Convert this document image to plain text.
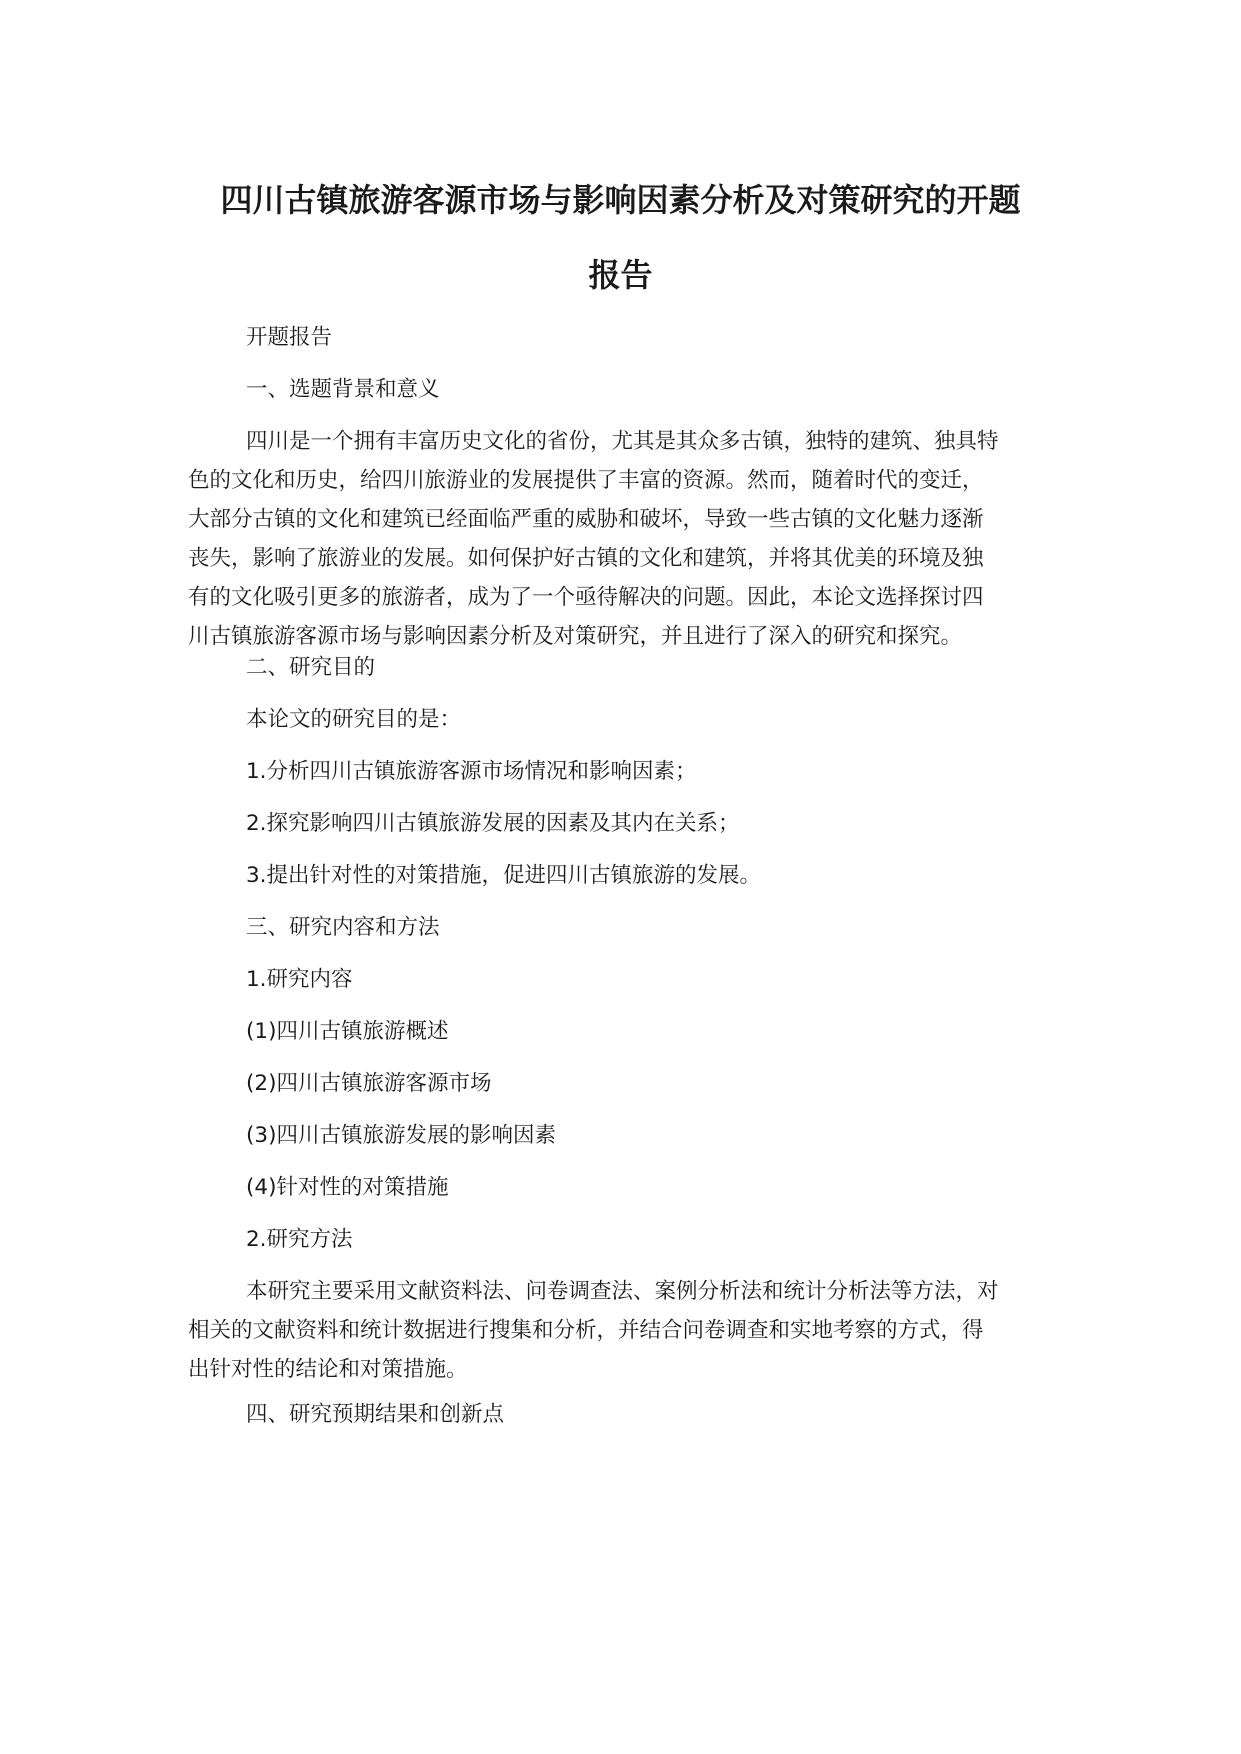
四川古镇旅游客源市场与影响因素分析及对策研究的开题
报告

开题报告

一、选题背景和意义

四川是一个拥有丰富历史文化的省份，尤其是其众多古镇，独特的建筑、独具特
色的文化和历史，给四川旅游业的发展提供了丰富的资源。然而，随着时代的变迁，
大部分古镇的文化和建筑已经面临严重的威胁和破坏，导致一些古镇的文化魅力逐渐
丧失，影响了旅游业的发展。如何保护好古镇的文化和建筑，并将其优美的环境及独
有的文化吸引更多的旅游者，成为了一个亟待解决的问题。因此，本论文选择探讨四
川古镇旅游客源市场与影响因素分析及对策研究，并且进行了深入的研究和探究。

二、研究目的

本论文的研究目的是：

1.分析四川古镇旅游客源市场情况和影响因素；

2.探究影响四川古镇旅游发展的因素及其内在关系；

3.提出针对性的对策措施，促进四川古镇旅游的发展。

三、研究内容和方法

1.研究内容

(1)四川古镇旅游概述

(2)四川古镇旅游客源市场

(3)四川古镇旅游发展的影响因素

(4)针对性的对策措施

2.研究方法

本研究主要采用文献资料法、问卷调查法、案例分析法和统计分析法等方法，对
相关的文献资料和统计数据进行搜集和分析，并结合问卷调查和实地考察的方式，得
出针对性的结论和对策措施。

四、研究预期结果和创新点
